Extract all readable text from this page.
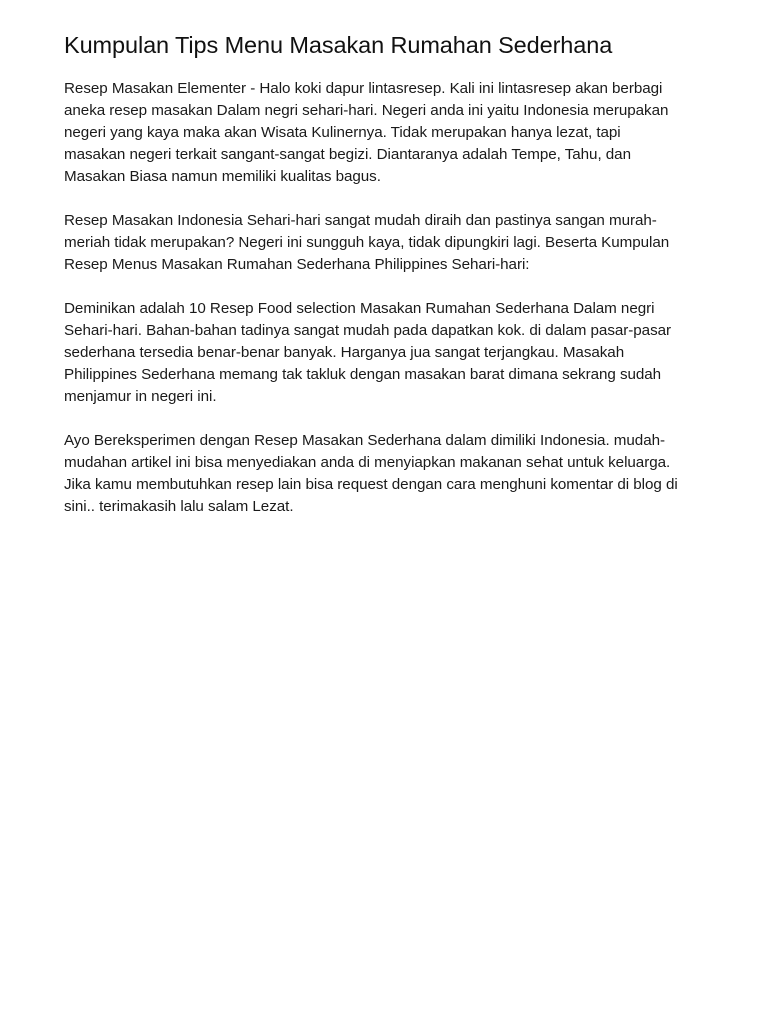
Kumpulan Tips Menu Masakan Rumahan Sederhana
Resep Masakan Elementer - Halo koki dapur lintasresep. Kali ini lintasresep akan berbagi
aneka resep masakan Dalam negri sehari-hari. Negeri anda ini yaitu Indonesia merupakan
negeri yang kaya maka akan Wisata Kulinernya. Tidak merupakan hanya lezat, tapi
masakan negeri terkait sangant-sangat begizi. Diantaranya adalah Tempe, Tahu, dan
Masakan Biasa namun memiliki kualitas bagus.
Resep Masakan Indonesia Sehari-hari sangat mudah diraih dan pastinya sangan murah-
meriah tidak merupakan? Negeri ini sungguh kaya, tidak dipungkiri lagi. Beserta Kumpulan
Resep Menus Masakan Rumahan Sederhana Philippines Sehari-hari:
Deminikan adalah 10 Resep Food selection Masakan Rumahan Sederhana Dalam negri
Sehari-hari. Bahan-bahan tadinya sangat mudah pada dapatkan kok. di dalam pasar-pasar
sederhana tersedia benar-benar banyak. Harganya jua sangat terjangkau. Masakah
Philippines Sederhana memang tak takluk dengan masakan barat dimana sekrang sudah
menjamur in negeri ini.
Ayo Bereksperimen dengan Resep Masakan Sederhana dalam dimiliki Indonesia. mudah-
mudahan artikel ini bisa menyediakan anda di menyiapkan makanan sehat untuk keluarga.
Jika kamu membutuhkan resep lain bisa request dengan cara menghuni komentar di blog di
sini.. terimakasih lalu salam Lezat.
